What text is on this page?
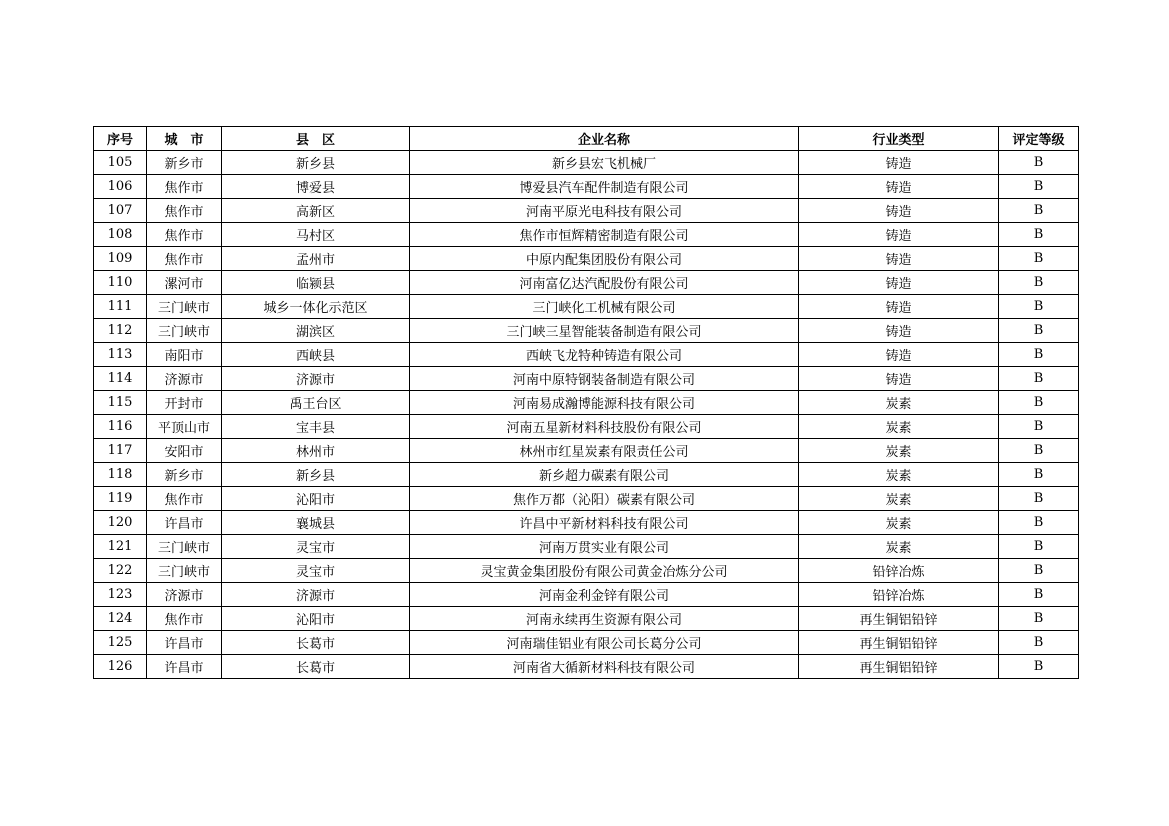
序号	城　市	县　区	企业名称	行业类型	评定等级
105	新乡市	新乡县	新乡县宏飞机械厂	铸造	B
106	焦作市	博爱县	博爱县汽车配件制造有限公司	铸造	B
107	焦作市	高新区	河南平原光电科技有限公司	铸造	B
108	焦作市	马村区	焦作市恒辉精密制造有限公司	铸造	B
109	焦作市	孟州市	中原内配集团股份有限公司	铸造	B
110	漯河市	临颍县	河南富亿达汽配股份有限公司	铸造	B
111	三门峡市	城乡一体化示范区	三门峡化工机械有限公司	铸造	B
112	三门峡市	湖滨区	三门峡三星智能装备制造有限公司	铸造	B
113	南阳市	西峡县	西峡飞龙特种铸造有限公司	铸造	B
114	济源市	济源市	河南中原特钢装备制造有限公司	铸造	B
115	开封市	禹王台区	河南易成瀚博能源科技有限公司	炭素	B
116	平顶山市	宝丰县	河南五星新材料科技股份有限公司	炭素	B
117	安阳市	林州市	林州市红星炭素有限责任公司	炭素	B
118	新乡市	新乡县	新乡超力碳素有限公司	炭素	B
119	焦作市	沁阳市	焦作万都（沁阳）碳素有限公司	炭素	B
120	许昌市	襄城县	许昌中平新材料科技有限公司	炭素	B
121	三门峡市	灵宝市	河南万贯实业有限公司	炭素	B
122	三门峡市	灵宝市	灵宝黄金集团股份有限公司黄金冶炼分公司	铅锌冶炼	B
123	济源市	济源市	河南金利金锌有限公司	铅锌冶炼	B
124	焦作市	沁阳市	河南永续再生资源有限公司	再生铜铝铅锌	B
125	许昌市	长葛市	河南瑞佳铝业有限公司长葛分公司	再生铜铝铅锌	B
126	许昌市	长葛市	河南省大循新材料科技有限公司	再生铜铝铅锌	B
